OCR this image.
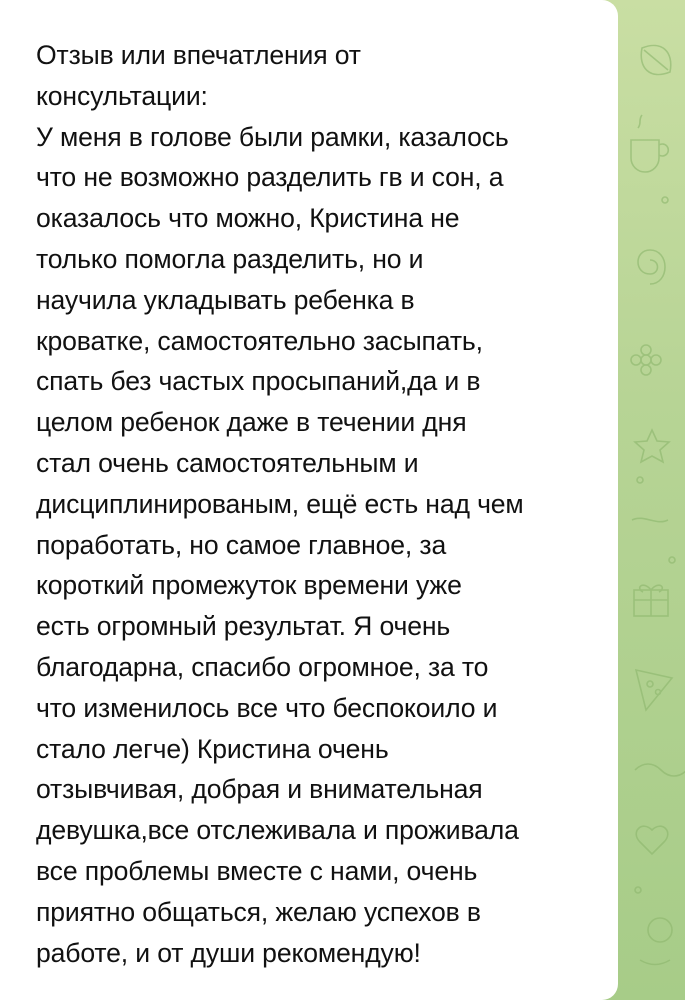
Отзыв или впечатления от
консультации:
У меня в голове были рамки, казалось
что не возможно разделить гв и сон, а
оказалось что можно, Кристина не
только помогла разделить, но и
научила укладывать ребенка в
кроватке, самостоятельно засыпать,
спать без частых просыпаний,да и в
целом ребенок даже в течении дня
стал очень самостоятельным и
дисциплинированым, ещё есть над чем
поработать, но самое главное, за
короткий промежуток времени уже
есть огромный результат. Я очень
благодарна, спасибо огромное, за то
что изменилось все что беспокоило и
стало легче) Кристина очень
отзывчивая, добрая и внимательная
девушка,все отслеживала и проживала
все проблемы вместе с нами, очень
приятно общаться, желаю успехов в
работе, и от души рекомендую!
